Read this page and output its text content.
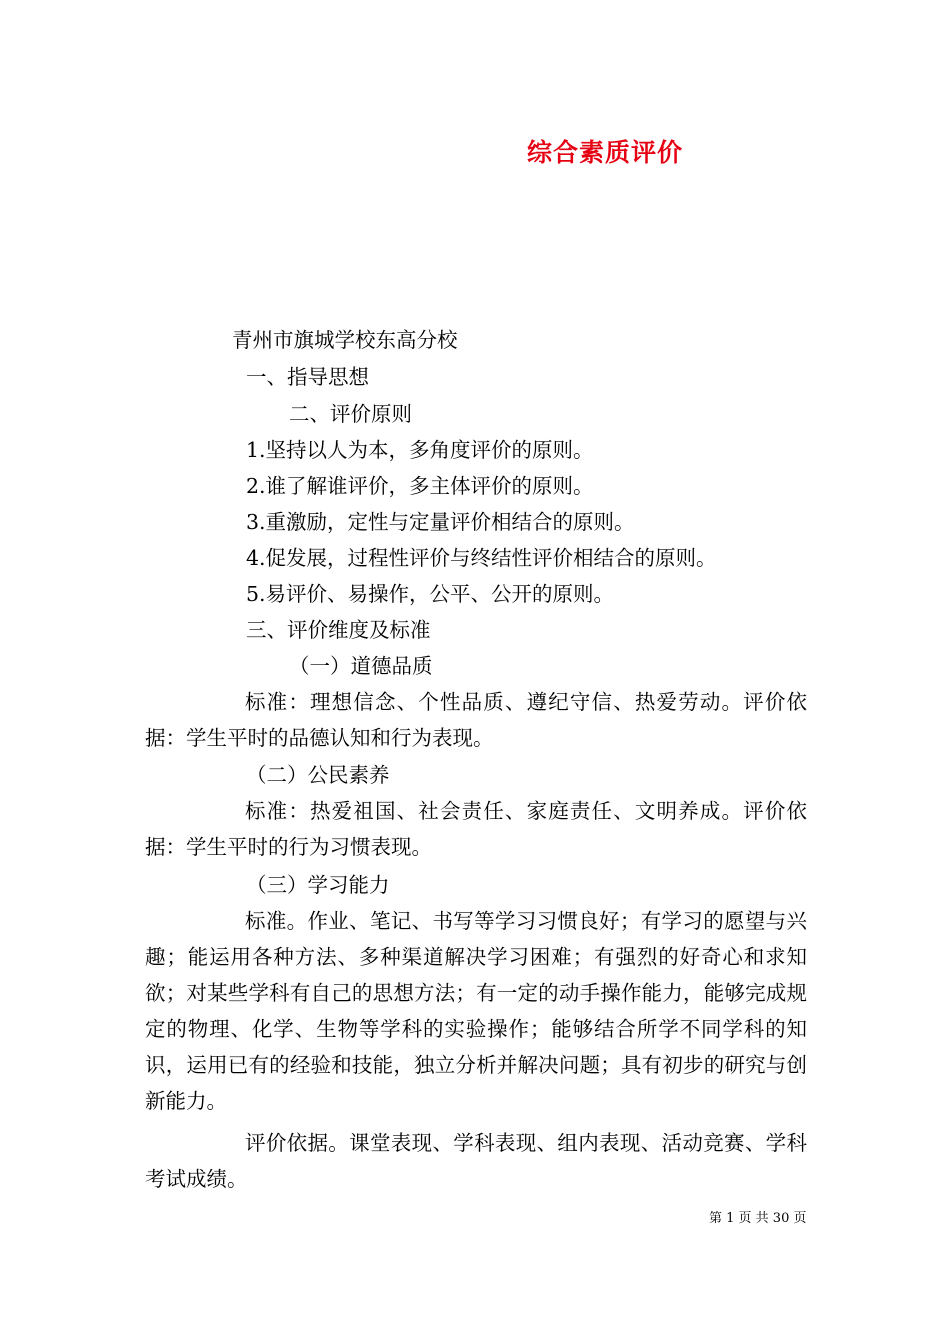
综合素质评价
青州市旗城学校东高分校
一、指导思想
二、评价原则
1.坚持以人为本，多角度评价的原则。
2.谁了解谁评价，多主体评价的原则。
3.重激励，定性与定量评价相结合的原则。
4.促发展，过程性评价与终结性评价相结合的原则。
5.易评价、易操作，公平、公开的原则。
三、评价维度及标准
（一）道德品质
标准：理想信念、个性品质、遵纪守信、热爱劳动。评价依据：学生平时的品德认知和行为表现。
（二）公民素养
标准：热爱祖国、社会责任、家庭责任、文明养成。评价依据：学生平时的行为习惯表现。
（三）学习能力
标准。作业、笔记、书写等学习习惯良好；有学习的愿望与兴趣；能运用各种方法、多种渠道解决学习困难；有强烈的好奇心和求知欲；对某些学科有自己的思想方法；有一定的动手操作能力，能够完成规定的物理、化学、生物等学科的实验操作；能够结合所学不同学科的知识，运用已有的经验和技能，独立分析并解决问题；具有初步的研究与创新能力。
评价依据。课堂表现、学科表现、组内表现、活动竞赛、学科考试成绩。
第 1 页 共 30 页
